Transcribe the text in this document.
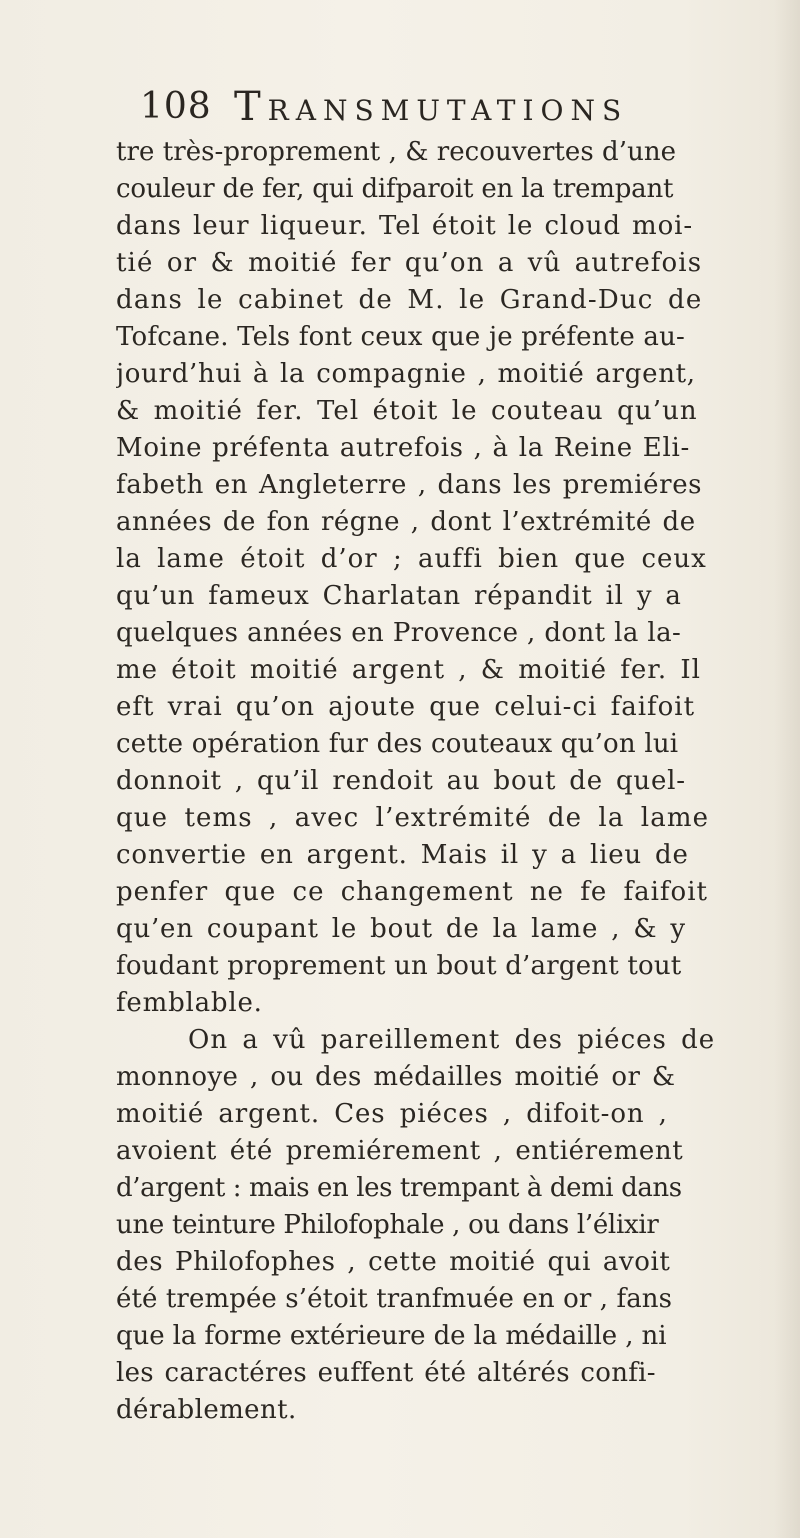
108 Transmutations
tre très-proprement , & recouvertes d’une
couleur de fer, qui difparoit en la trempant
dans leur liqueur. Tel étoit le cloud moi-
tié or & moitié fer qu’on a vû autrefois
dans le cabinet de M. le Grand-Duc de
Tofcane. Tels font ceux que je préfente au-
jourd’hui à la compagnie , moitié argent,
& moitié fer. Tel étoit le couteau qu’un
Moine préfenta autrefois , à la Reine Eli-
fabeth en Angleterre , dans les premiéres
années de fon régne , dont l’extrémité de
la lame étoit d’or ; auffi bien que ceux
qu’un fameux Charlatan répandit il y a
quelques années en Provence , dont la la-
me étoit moitié argent , & moitié fer. Il
eft vrai qu’on ajoute que celui-ci faifoit
cette opération fur des couteaux qu’on lui
donnoit , qu’il rendoit au bout de quel-
que tems , avec l’extrémité de la lame
convertie en argent. Mais il y a lieu de
penfer que ce changement ne fe faifoit
qu’en coupant le bout de la lame , & y
foudant proprement un bout d’argent tout
femblable.
On a vû pareillement des piéces de
monnoye , ou des médailles moitié or &
moitié argent. Ces piéces , difoit-on ,
avoient été premiérement , entiérement
d’argent : mais en les trempant à demi dans
une teinture Philofophale , ou dans l’élixir
des Philofophes , cette moitié qui avoit
été trempée s’étoit tranfmuée en or , fans
que la forme extérieure de la médaille , ni
les caractéres euffent été altérés confi-
dérablement.
